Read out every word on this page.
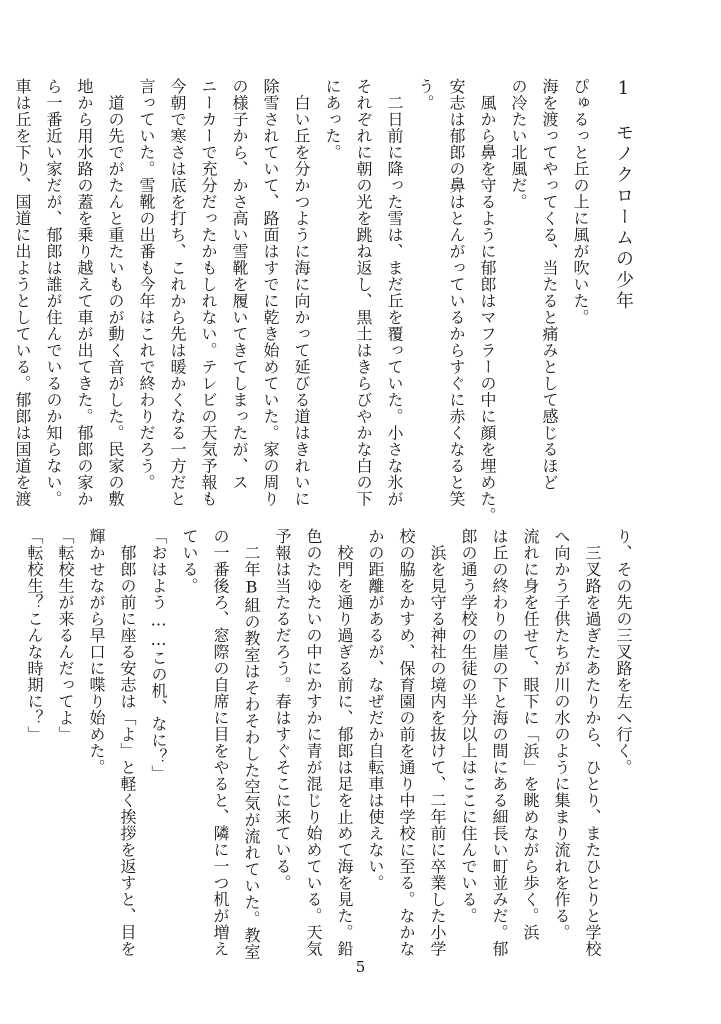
1　モノクロームの少年
ぴゅるっと丘の上に風が吹いた。
海を渡ってやってくる、当たると痛みとして感じるほど
の冷たい北風だ。
　風から鼻を守るように郁郎はマフラーの中に顔を埋めた。
安志は郁郎の鼻はとんがっているからすぐに赤くなると笑
う。
　二日前に降った雪は、まだ丘を覆っていた。小さな氷が
それぞれに朝の光を跳ね返し、黒土はきらびやかな白の下
にあった。
　白い丘を分かつように海に向かって延びる道はきれいに
除雪されていて、路面はすでに乾き始めていた。家の周り
の様子から、かさ高い雪靴を履いてきてしまったが、ス
ニーカーで充分だったかもしれない。テレビの天気予報も
今朝で寒さは底を打ち、これから先は暖かくなる一方だと
言っていた。雪靴の出番も今年はこれで終わりだろう。
　道の先でがたんと重たいものが動く音がした。民家の敷
地から用水路の蓋を乗り越えて車が出てきた。郁郎の家か
ら一番近い家だが、郁郎は誰が住んでいるのか知らない。
車は丘を下り、国道に出ようとしている。郁郎は国道を渡
り、その先の三叉路を左へ行く。
　三叉路を過ぎたあたりから、ひとり、またひとりと学校
へ向かう子供たちが川の水のように集まり流れを作る。
流れに身を任せて、眼下に「浜」を眺めながら歩く。浜
は丘の終わりの崖の下と海の間にある細長い町並みだ。郁
郎の通う学校の生徒の半分以上はここに住んでいる。
　浜を見守る神社の境内を抜けて、二年前に卒業した小学
校の脇をかすめ、保育園の前を通り中学校に至る。なかな
かの距離があるが、なぜだか自転車は使えない。
　校門を通り過ぎる前に、郁郎は足を止めて海を見た。鉛
色のたゆたいの中にかすかに青が混じり始めている。天気
予報は当たるだろう。春はすぐそこに来ている。
　二年B組の教室はそわそわした空気が流れていた。教室
の一番後ろ、窓際の自席に目をやると、隣に一つ机が増え
ている。
「おはよう……この机、なに？」
　郁郎の前に座る安志は「よ」と軽く挨拶を返すと、目を
輝かせながら早口に喋り始めた。
「転校生が来るんだってよ」
「転校生？こんな時期に？」
5
